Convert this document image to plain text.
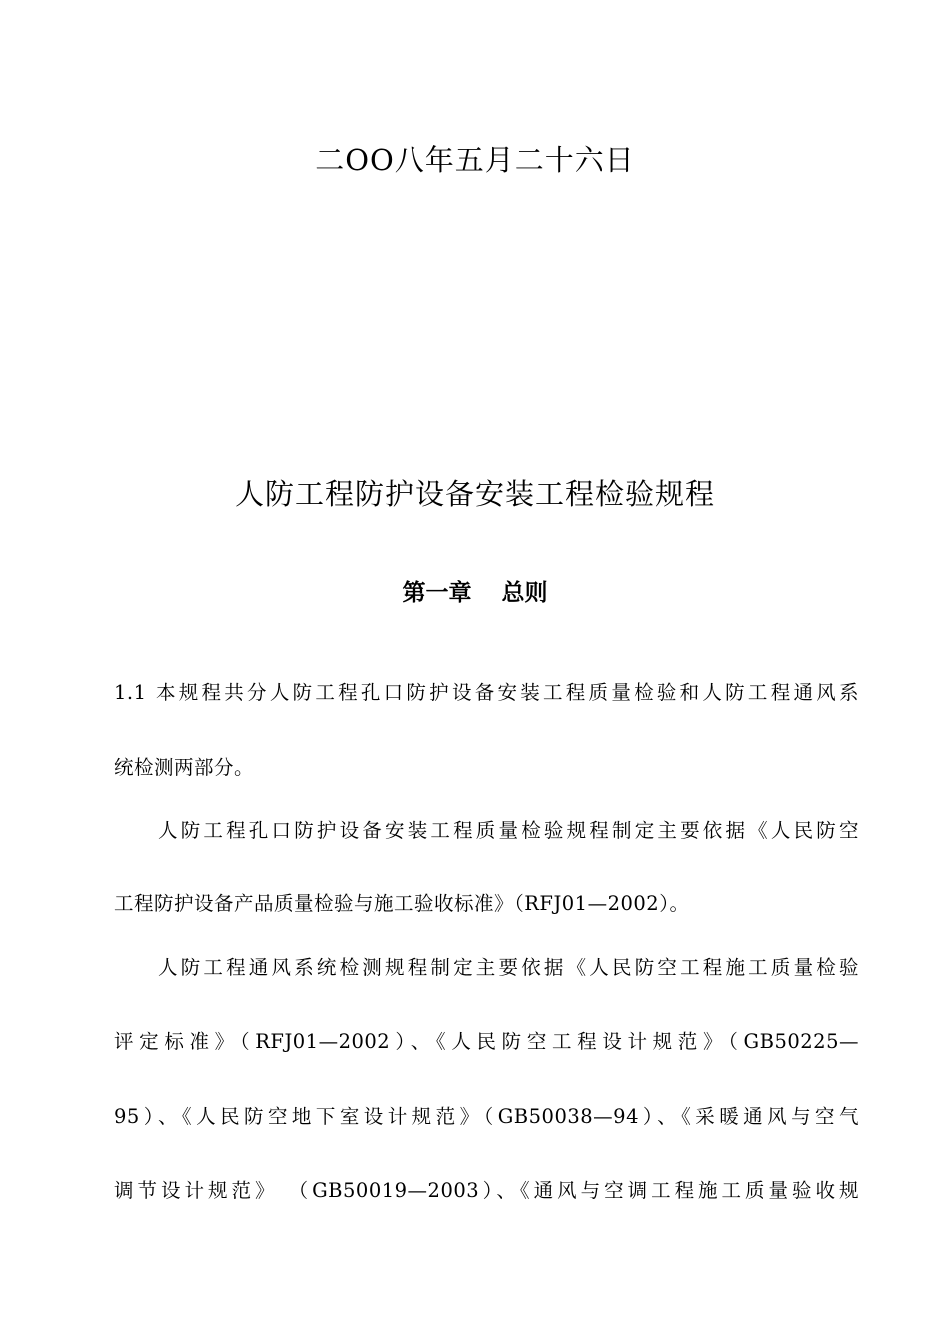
二OO八年五月二十六日
人防工程防护设备安装工程检验规程
第一章 总则
1.1 本规程共分人防工程孔口防护设备安装工程质量检验和人防工程通风系
统检测两部分。
人防工程孔口防护设备安装工程质量检验规程制定主要依据《人民防空
工程防护设备产品质量检验与施工验收标准》（RFJ01—2002）。
人防工程通风系统检测规程制定主要依据《人民防空工程施工质量检验
评定标准》（RFJ01—2002）、《人民防空工程设计规范》（GB50225—
95）、《人民防空地下室设计规范》（GB50038—94）、《采暖通风与空气
调节设计规范》 （GB50019—2003）、《通风与空调工程施工质量验收规
